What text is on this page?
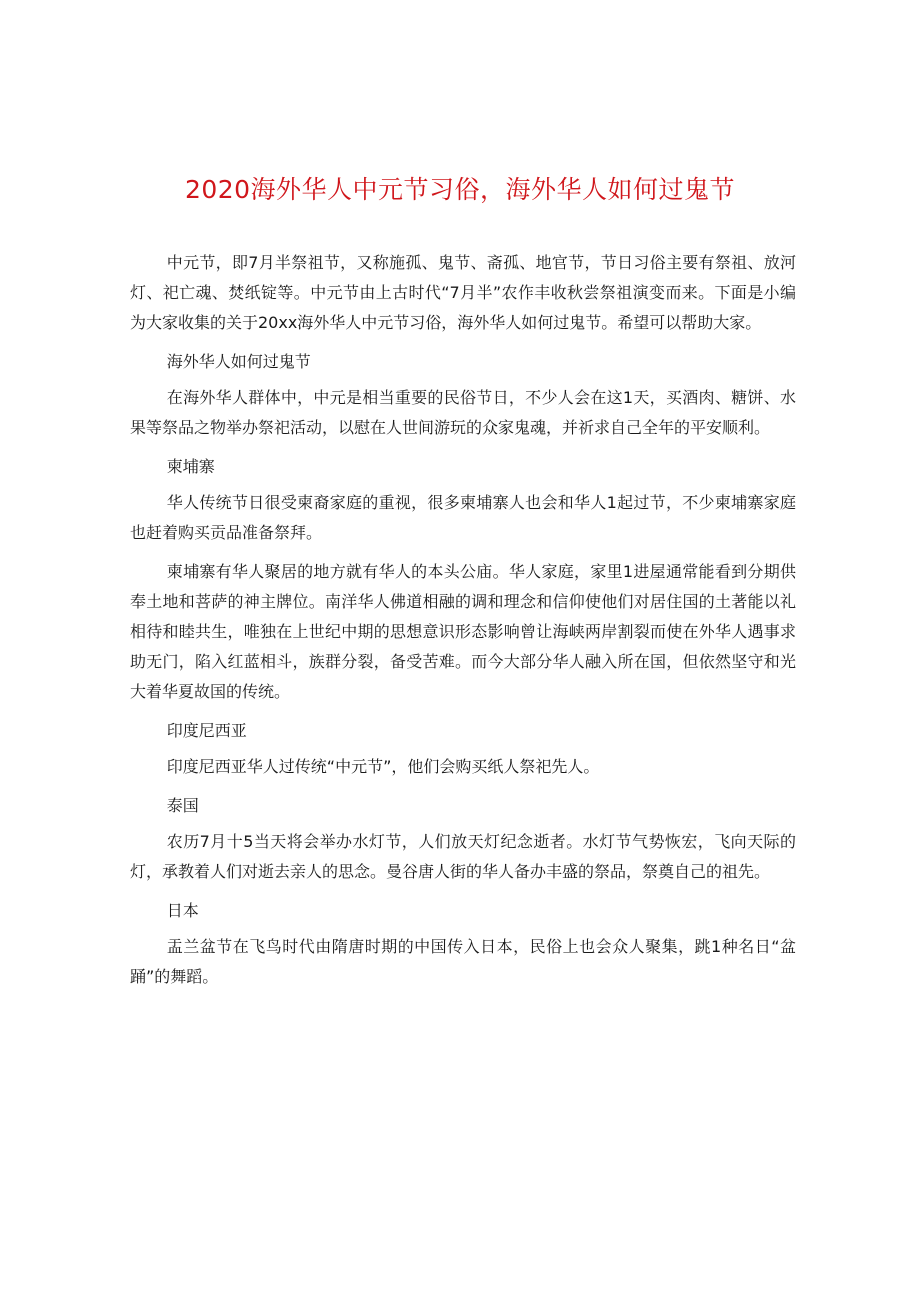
2020海外华人中元节习俗，海外华人如何过鬼节

中元节，即7月半祭祖节，又称施孤、鬼节、斋孤、地官节，节日习俗主要有祭祖、放河灯、祀亡魂、焚纸锭等。中元节由上古时代“7月半”农作丰收秋尝祭祖演变而来。下面是小编为大家收集的关于20xx海外华人中元节习俗，海外华人如何过鬼节。希望可以帮助大家。

海外华人如何过鬼节

在海外华人群体中，中元是相当重要的民俗节日，不少人会在这1天，买酒肉、糖饼、水果等祭品之物举办祭祀活动，以慰在人世间游玩的众家鬼魂，并祈求自己全年的平安顺利。

柬埔寨

华人传统节日很受柬裔家庭的重视，很多柬埔寨人也会和华人1起过节，不少柬埔寨家庭也赶着购买贡品准备祭拜。

柬埔寨有华人聚居的地方就有华人的本头公庙。华人家庭，家里1进屋通常能看到分期供奉土地和菩萨的神主牌位。南洋华人佛道相融的调和理念和信仰使他们对居住国的土著能以礼相待和睦共生，唯独在上世纪中期的思想意识形态影响曾让海峡两岸割裂而使在外华人遇事求助无门，陷入红蓝相斗，族群分裂，备受苦难。而今大部分华人融入所在国，但依然坚守和光大着华夏故国的传统。

印度尼西亚

印度尼西亚华人过传统“中元节”，他们会购买纸人祭祀先人。

泰国

农历7月十5当天将会举办水灯节，人们放天灯纪念逝者。水灯节气势恢宏，飞向天际的灯，承教着人们对逝去亲人的思念。曼谷唐人街的华人备办丰盛的祭品，祭奠自己的祖先。

日本

盂兰盆节在飞鸟时代由隋唐时期的中国传入日本，民俗上也会众人聚集，跳1种名日“盆踊”的舞蹈。
